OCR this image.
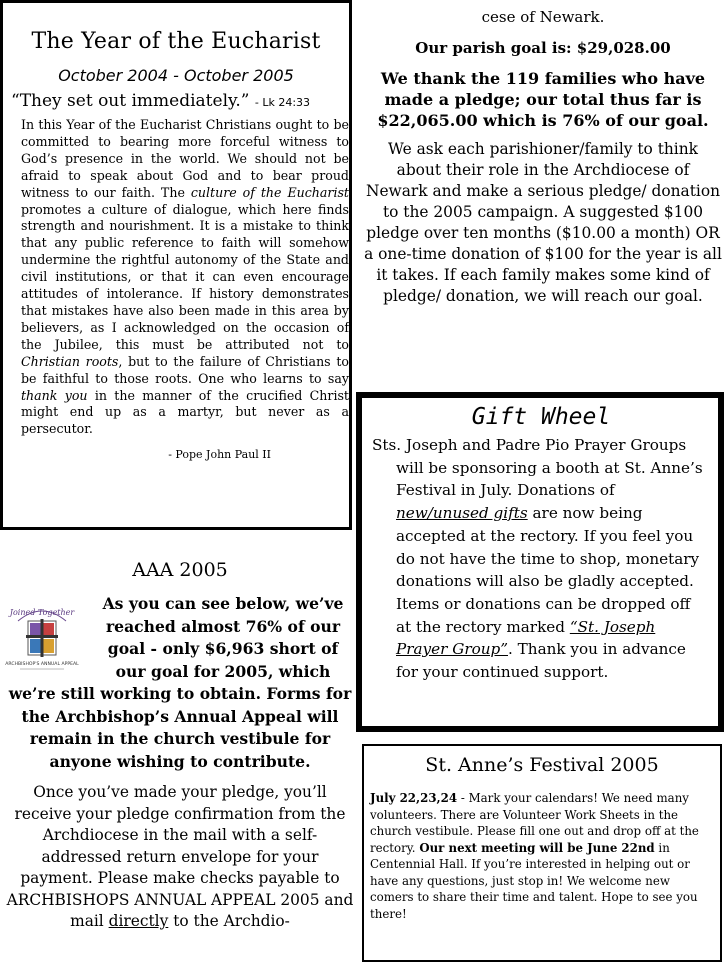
The Year of the Eucharist
October 2004 - October 2005
“They set out immediately.” - Lk 24:33
In this Year of the Eucharist Christians ought to be committed to bearing more forceful witness to God’s presence in the world. We should not be afraid to speak about God and to bear proud witness to our faith. The culture of the Eucharist promotes a culture of dialogue, which here finds strength and nourishment. It is a mistake to think that any public reference to faith will somehow undermine the rightful autonomy of the State and civil institutions, or that it can even encourage attitudes of intolerance. If history demonstrates that mistakes have also been made in this area by believers, as I acknowledged on the occasion of the Jubilee, this must be attributed not to Christian roots, but to the failure of Christians to be faithful to those roots. One who learns to say thank you in the manner of the crucified Christ might end up as a martyr, but never as a persecutor.
- Pope John Paul II
cese of Newark.
Our parish goal is: $29,028.00
We thank the 119 families who have made a pledge; our total thus far is $22,065.00 which is 76% of our goal.
We ask each parishioner/family to think about their role in the Archdiocese of Newark and make a serious pledge/ donation to the 2005 campaign. A suggested $100 pledge over ten months ($10.00 a month) OR a one-time donation of $100 for the year is all it takes. If each family makes some kind of pledge/ donation, we will reach our goal.
Gift Wheel
Sts. Joseph and Padre Pio Prayer Groups will be sponsoring a booth at St. Anne’s Festival in July. Donations of new/unused gifts are now being accepted at the rectory. If you feel you do not have the time to shop, monetary donations will also be gladly accepted. Items or donations can be dropped off at the rectory marked “St. Joseph Prayer Group”. Thank you in advance for your continued support.
AAA 2005
Joined Together
ARCHBISHOP'S ANNUAL APPEAL
As you can see below, we’ve
reached almost 76% of our
goal - only $6,963 short of
our goal for 2005, which
we’re still working to obtain. Forms for the Archbishop’s Annual Appeal will remain in the church vestibule for anyone wishing to contribute.
Once you’ve made your pledge, you’ll receive your pledge confirmation from the Archdiocese in the mail with a self-addressed return envelope for your payment. Please make checks payable to ARCHBISHOPS ANNUAL APPEAL 2005 and mail directly to the Archdio-
St. Anne’s Festival 2005
July 22,23,24 - Mark your calendars! We need many volunteers. There are Volunteer Work Sheets in the church vestibule. Please fill one out and drop off at the rectory. Our next meeting will be June 22nd in Centennial Hall. If you’re interested in helping out or have any questions, just stop in! We welcome new comers to share their time and talent. Hope to see you there!
